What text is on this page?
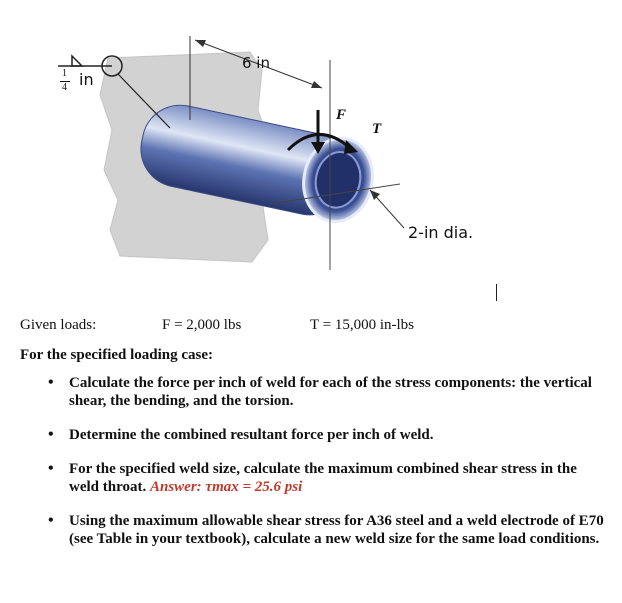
6 in
1
4 in
F
T
2-in dia.
Given loads:	F = 2,000 lbs	T = 15,000 in-lbs
For the specified loading case:
• Calculate the force per inch of weld for each of the stress components: the vertical shear, the bending, and the torsion.
• Determine the combined resultant force per inch of weld.
• For the specified weld size, calculate the maximum combined shear stress in the weld throat. Answer: τmax = 25.6 psi
• Using the maximum allowable shear stress for A36 steel and a weld electrode of E70 (see Table in your textbook), calculate a new weld size for the same load conditions.
